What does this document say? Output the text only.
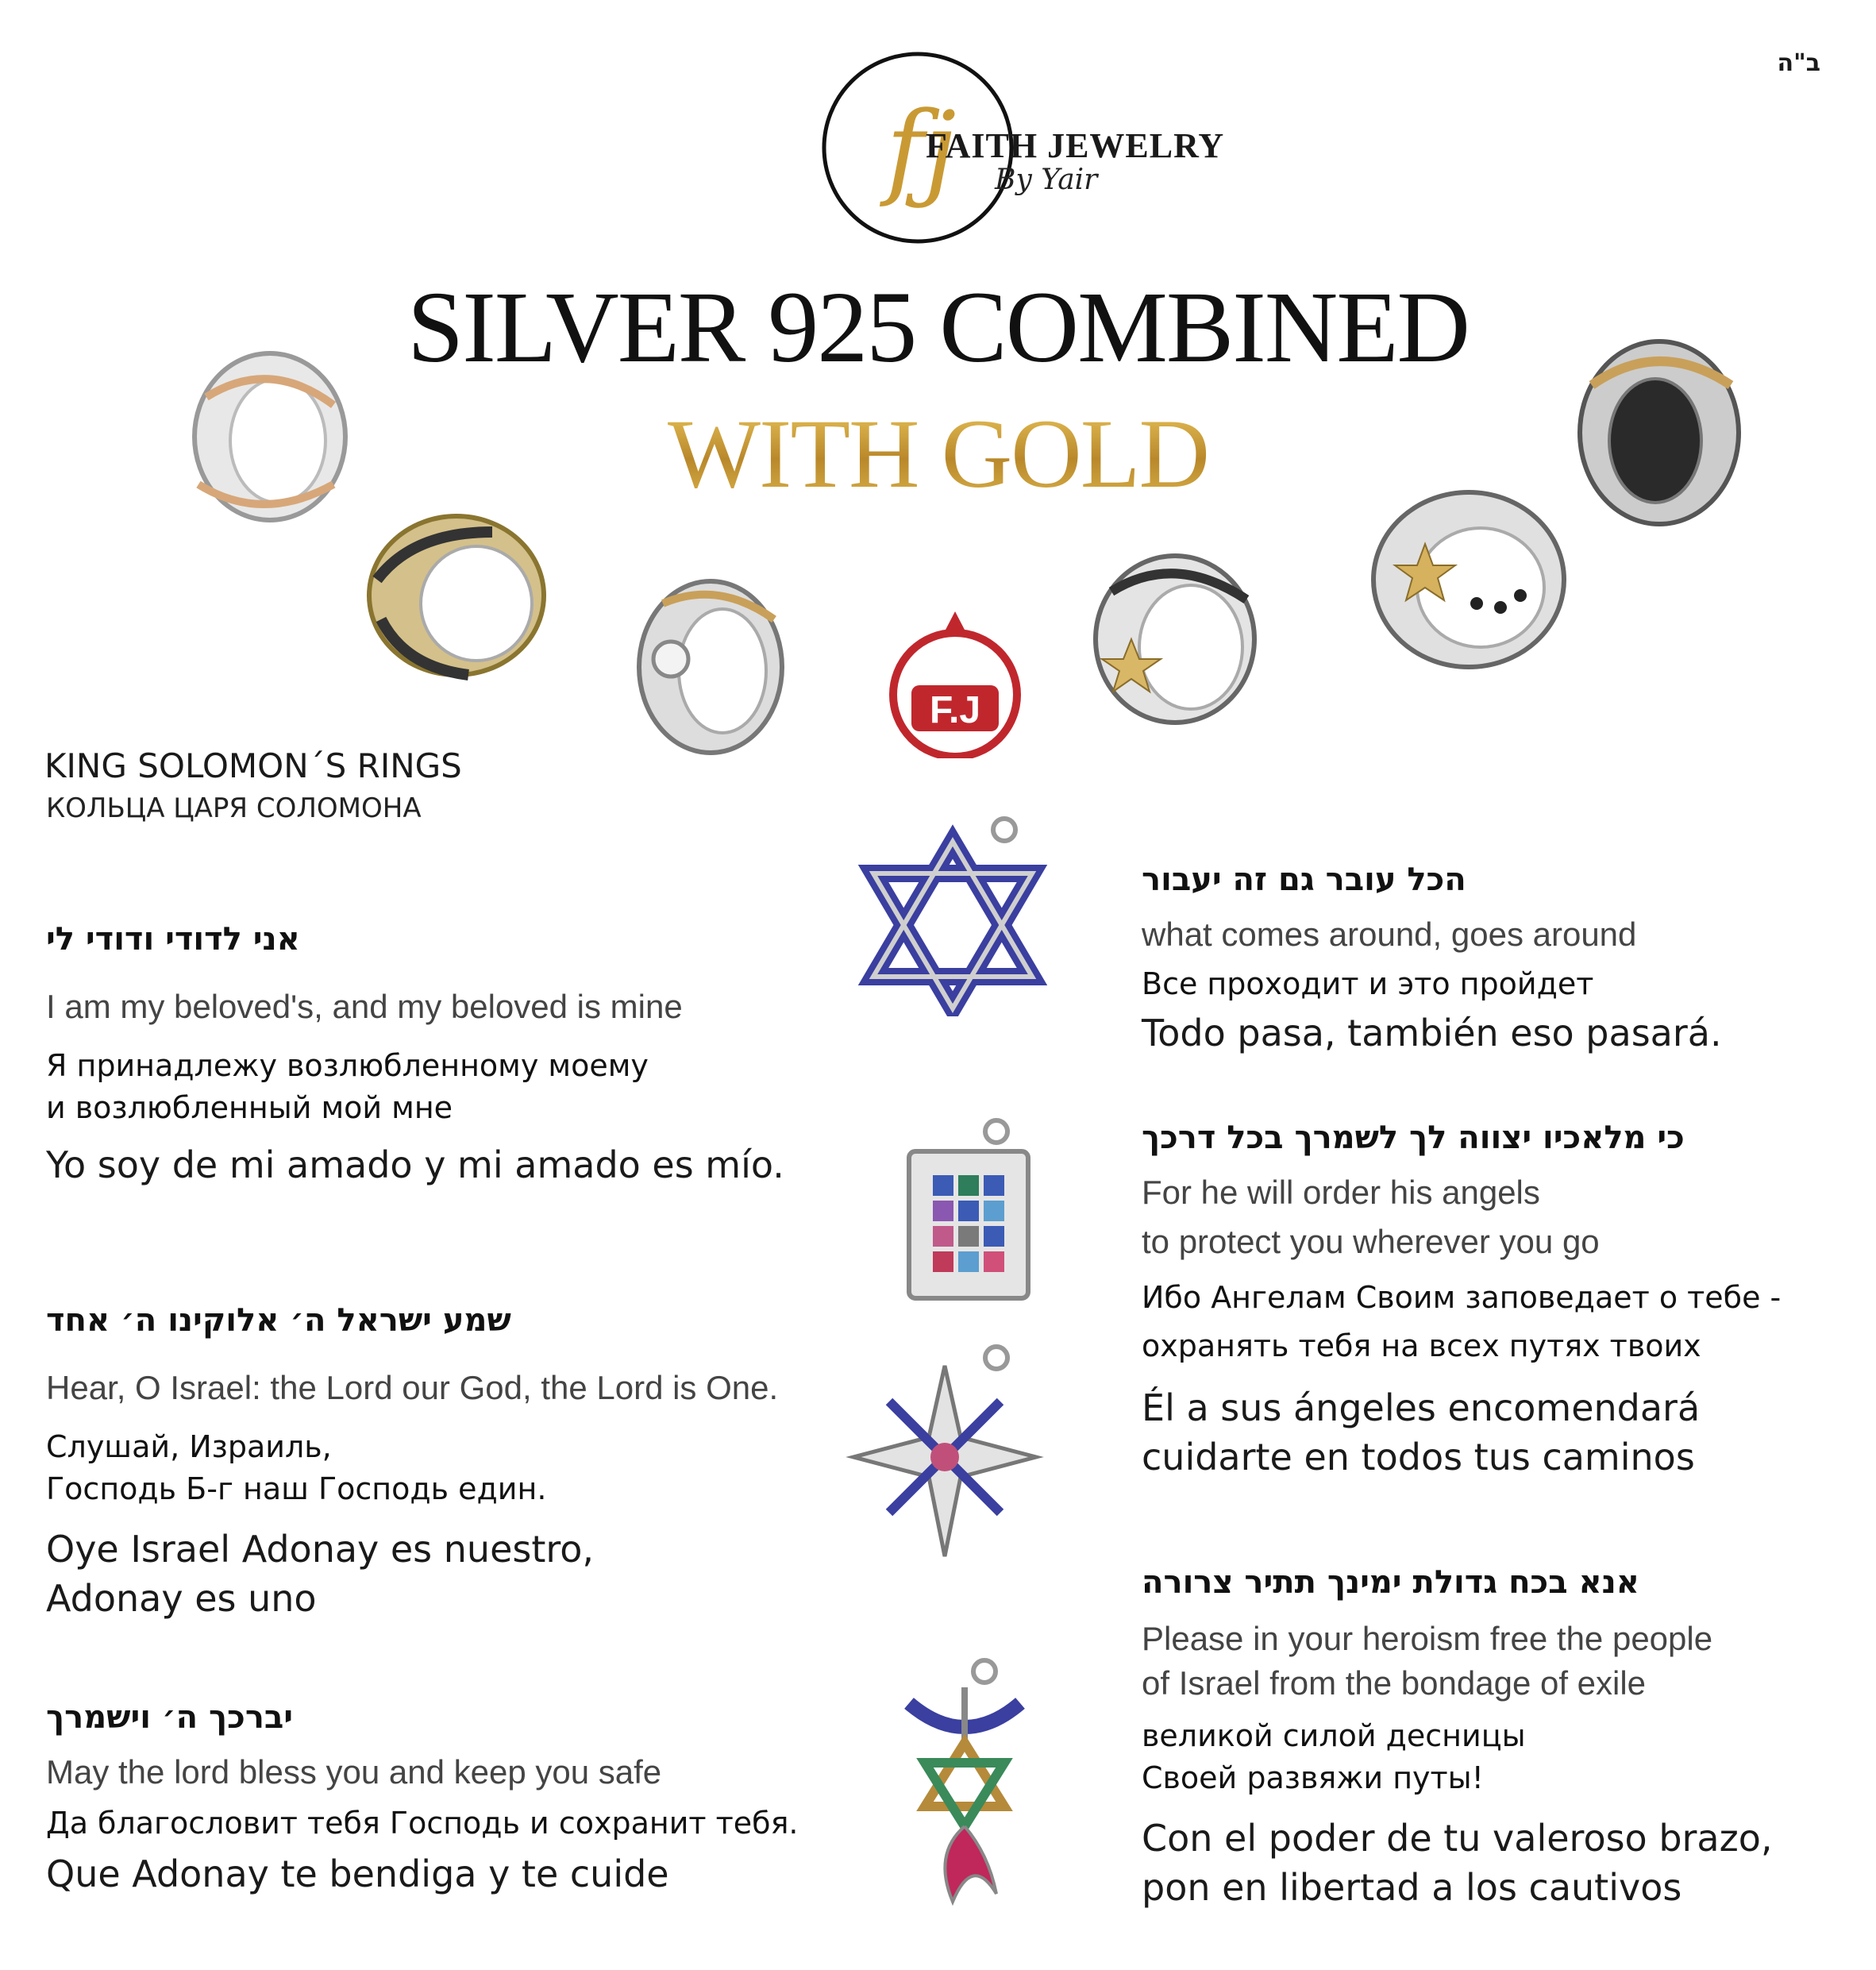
ב"ה
fj
FAITH JEWELRY
By Yair
SILVER 925 COMBINED
WITH GOLD
F.J
KING SOLOMON´S RINGS
КОЛЬЦА ЦАРЯ СОЛОМОНА
אני לדודי ודודי לי
I am my beloved's, and my beloved is mine
Я принадлежу возлюбленному моему
и возлюбленный мой мне
Yo soy de mi amado y mi amado es mío.
שמע ישראל ה׳ אלוקינו ה׳ אחד
Hear, O Israel: the Lord our God, the Lord is One.
Слушай, Израиль,
Господь Б-г наш Господь един.
Oye Israel Adonay es nuestro,
Adonay es uno
יברכך ה׳ וישמרך
May the lord bless you and keep you safe
Да благословит тебя Господь и сохранит тебя.
Que Adonay te bendiga y te cuide
הכל עובר גם זה יעבור
what comes around, goes around
Все проходит и это пройдет
Todo pasa, también eso pasará.
כי מלאכיו יצווה לך לשמרך בכל דרכך
For he will order his angels
to protect you wherever you go
Ибо Ангелам Своим заповедает о тебе -
охранять тебя на всех путях твоих
Él a sus ángeles encomendará
cuidarte en todos tus caminos
אנא בכח גדולת ימינך תתיר צרורה
Please in your heroism free the people
of Israel from the bondage of exile
великой силой десницы
Своей развяжи путы!
Con el poder de tu valeroso brazo,
pon en libertad a los cautivos
